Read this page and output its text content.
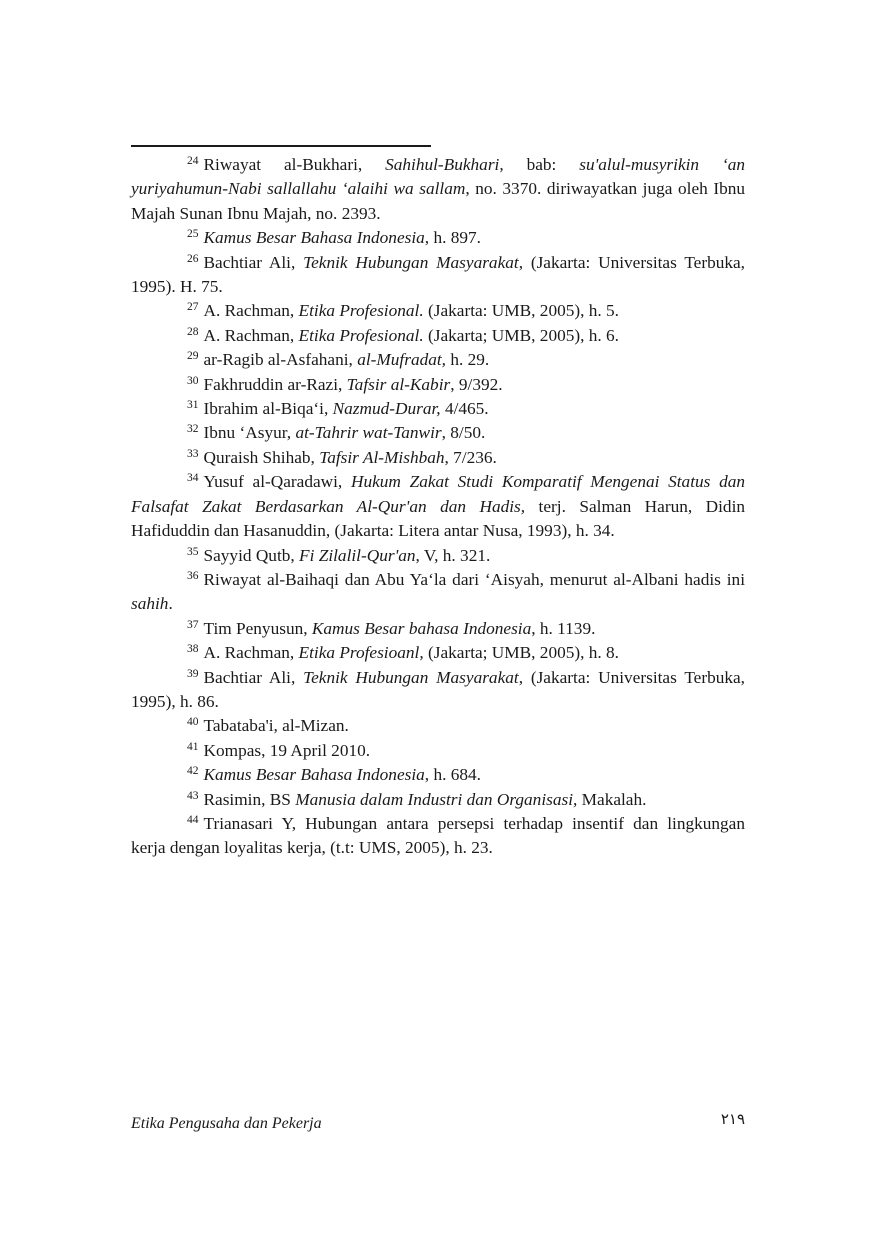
$^{24}$ Riwayat al-Bukhari, Sahihul-Bukhari, bab: su'alul-musyrikin ‘an yuriyahumun-Nabi sallallahu ‘alaihi wa sallam, no. 3370. diriwayatkan juga oleh Ibnu Majah Sunan Ibnu Majah, no. 2393.

$^{25}$ Kamus Besar Bahasa Indonesia, h. 897.

$^{26}$ Bachtiar Ali, Teknik Hubungan Masyarakat, (Jakarta: Universitas Terbuka, 1995). H. 75.

$^{27}$ A. Rachman, Etika Profesional. (Jakarta: UMB, 2005), h. 5.

$^{28}$ A. Rachman, Etika Profesional. (Jakarta; UMB, 2005), h. 6.

$^{29}$ ar-Ragib al-Asfahani, al-Mufradat, h. 29.

$^{30}$ Fakhruddin ar-Razi, Tafsir al-Kabir, 9/392.

$^{31}$ Ibrahim al-Biqa‘i, Nazmud-Durar, 4/465.

$^{32}$ Ibnu ‘Asyur, at-Tahrir wat-Tanwir, 8/50.

$^{33}$ Quraish Shihab, Tafsir Al-Mishbah, 7/236.

$^{34}$ Yusuf al-Qaradawi, Hukum Zakat Studi Komparatif Mengenai Status dan Falsafat Zakat Berdasarkan Al-Qur'an dan Hadis, terj. Salman Harun, Didin Hafiduddin dan Hasanuddin, (Jakarta: Litera antar Nusa, 1993), h. 34.

$^{35}$ Sayyid Qutb, Fi Zilalil-Qur'an, V, h. 321.

$^{36}$ Riwayat al-Baihaqi dan Abu Ya‘la dari ‘Aisyah, menurut al-Albani hadis ini sahih.

$^{37}$ Tim Penyusun, Kamus Besar bahasa Indonesia, h. 1139.

$^{38}$ A. Rachman, Etika Profesioanl, (Jakarta; UMB, 2005), h. 8.

$^{39}$ Bachtiar Ali, Teknik Hubungan Masyarakat, (Jakarta: Universitas Terbuka, 1995), h. 86.

$^{40}$ Tabataba'i, al-Mizan.

$^{41}$ Kompas, 19 April 2010.

$^{42}$ Kamus Besar Bahasa Indonesia, h. 684.

$^{43}$ Rasimin, BS Manusia dalam Industri dan Organisasi, Makalah.

$^{44}$ Trianasari Y, Hubungan antara persepsi terhadap insentif dan lingkungan kerja dengan loyalitas kerja, (t.t: UMS, 2005), h. 23.

Etika Pengusaha dan Pekerja	٢١٩
